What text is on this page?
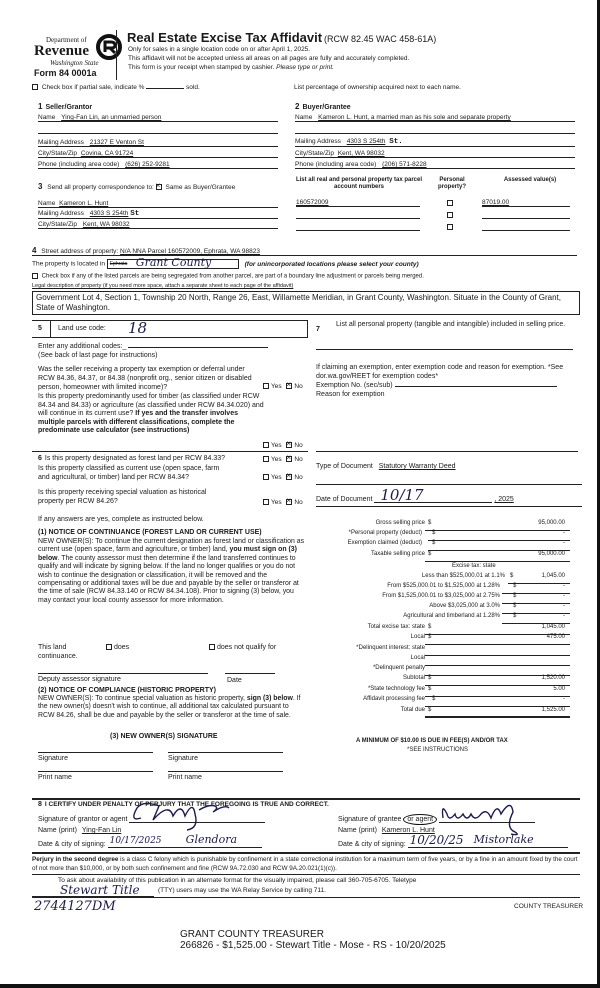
Department of
Revenue
Washington State
Form 84 0001a
Real Estate Excise Tax Affidavit (RCW 82.45 WAC 458-61A)
Only for sales in a single location code on or after April 1, 2025.
This affidavit will not be accepted unless all areas on all pages are fully and accurately completed.
This form is your receipt when stamped by cashier. Please type or print.
Check box if partial sale, indicate %	sold.	List percentage of ownership acquired next to each name.
1 Seller/Grantor
Name Ying-Fan Lin, an unmarried person
Mailing Address 21327 E Venton St
City/State/Zip Covina, CA 91724
Phone (including area code) (626) 252-9281
2 Buyer/Grantee
Name Kameron L. Hunt, a married man as his sole and separate property
Mailing Address 4303 S 254th St.
City/State/Zip Kent, WA 98032
Phone (including area code) (206) 571-8228
3 Send all property correspondence to: × Same as Buyer/Grantee
Name Kameron L. Hunt
Mailing Address 4303 S 254th St
City/State/Zip Kent, WA 98032
List all real and personal property tax parcel account numbers
Personal property?
Assessed value(s)
160572009	87019.00
4 Street address of property: N/A NNA Parcel 160572009, Ephrata, WA 98823
The property is located in Ephrata Grant County	(for unincorporated locations please select your county)
Check box if any of the listed parcels are being segregated from another parcel, are part of a boundary line adjustment or parcels being merged.
Legal description of property (if you need more space, attach a separate sheet to each page of the affidavit)
Government Lot 4, Section 1, Township 20 North, Range 26, East, Willamette Meridian, in Grant County, Washington. Situate in the County of Grant, State of Washington.
5 Land use code: 18
Enter any additional codes:_
(See back of last page for instructions)
Was the seller receiving a property tax exemption or deferral under RCW 84.36, 84.37, or 84.38 (nonprofit org., senior citizen or disabled person, homeowner with limited income)?	Yes × No
Is this property predominantly used for timber (as classified under RCW 84.34 and 84.33) or agriculture (as classified under RCW 84.34.020) and will continue in its current use? If yes and the transfer involves multiple parcels with different classifications, complete the predominate use calculator (see instructions)
Yes × No
7
List all personal property (tangible and intangible) included in selling price.
If claiming an exemption, enter exemption code and reason for exemption. *See dor.wa.gov/REET for exemption codes*
Exemption No. (sec/sub)
Reason for exemption
Type of Document Statutory Warranty Deed
Date of Document 10/17	, 2025
6 Is this property designated as forest land per RCW 84.33?	Yes × No
Is this property classified as current use (open space, farm and agricultural, or timber) land per RCW 84.34?	Yes × No
Is this property receiving special valuation as historical property per RCW 84.26?	Yes × No
If any answers are yes, complete as instructed below.
(1) NOTICE OF CONTINUANCE (FOREST LAND OR CURRENT USE)
NEW OWNER(S): To continue the current designation as forest land or classification as current use (open space, farm and agriculture, or timber) land, you must sign on (3) below. The county assessor must then determine if the land transferred continues to qualify and will indicate by signing below. If the land no longer qualifies or you do not wish to continue the designation or classification, it will be removed and the compensating or additional taxes will be due and payable by the seller or transferor at the time of sale (RCW 84.33.140 or RCW 84.34.108). Prior to signing (3) below, you may contact your local county assessor for more information.
This land	does	does not qualify for
continuance.
Deputy assessor signature	Date
(2) NOTICE OF COMPLIANCE (HISTORIC PROPERTY)
NEW OWNER(S): To continue special valuation as historic property, sign (3) below. If the new owner(s) doesn't wish to continue, all additional tax calculated pursuant to RCW 84.26, shall be due and payable by the seller or transferor at the time of sale.
(3) NEW OWNER(S) SIGNATURE
Signature	Signature
Print name	Print name
Gross selling price $	95,000.00
*Personal property (deduct) $	-
Exemption claimed (deduct) $	-
Taxable selling price $	95,000.00
Excise tax: state
Less than $525,000.01 at 1.1% $	1,045.00
From $525,000.01 to $1,525,000 at 1.28% $	-
From $1,525,000.01 to $3,025,000 at 2.75% $	-
Above $3,025,000 at 3.0% $	-
Agricultural and timberland at 1.28% $	-
Total excise tax: state $	1,045.00
Local $	475.00
*Delinquent interest: state
Local
*Delinquent penalty
Subtotal $	1,520.00
*State technology fee $	5.00
Affidavit processing fee $	-
Total due $	1,525.00
A MINIMUM OF $10.00 IS DUE IN FEE(S) AND/OR TAX
*SEE INSTRUCTIONS
8 I CERTIFY UNDER PENALTY OF PERJURY THAT THE FOREGOING IS TRUE AND CORRECT.
Signature of grantor or agent
Name (print) Ying-Fan Lin
Date & city of signing: 10/17/2025 Glendora
Signature of grantee or agent
Name (print) Kameron L. Hunt
Date & city of signing: 10/20/25 Mistorlake
Perjury in the second degree is a class C felony which is punishable by confinement in a state correctional institution for a maximum term of five years, or by a fine in an amount fixed by the court of not more than $10,000, or by both such confinement and fine (RCW 9A.72.030 and RCW 9A.20.021(1)(c)).
To ask about availability of this publication in an alternate format for the visually impaired, please call 360-705-6705. Teletype
Stewart Title	(TTY) users may use the WA Relay Service by calling 711.
2744127DM	COUNTY TREASURER
GRANT COUNTY TREASURER
266826 - $1,525.00 - Stewart Title - Mose - RS - 10/20/2025
